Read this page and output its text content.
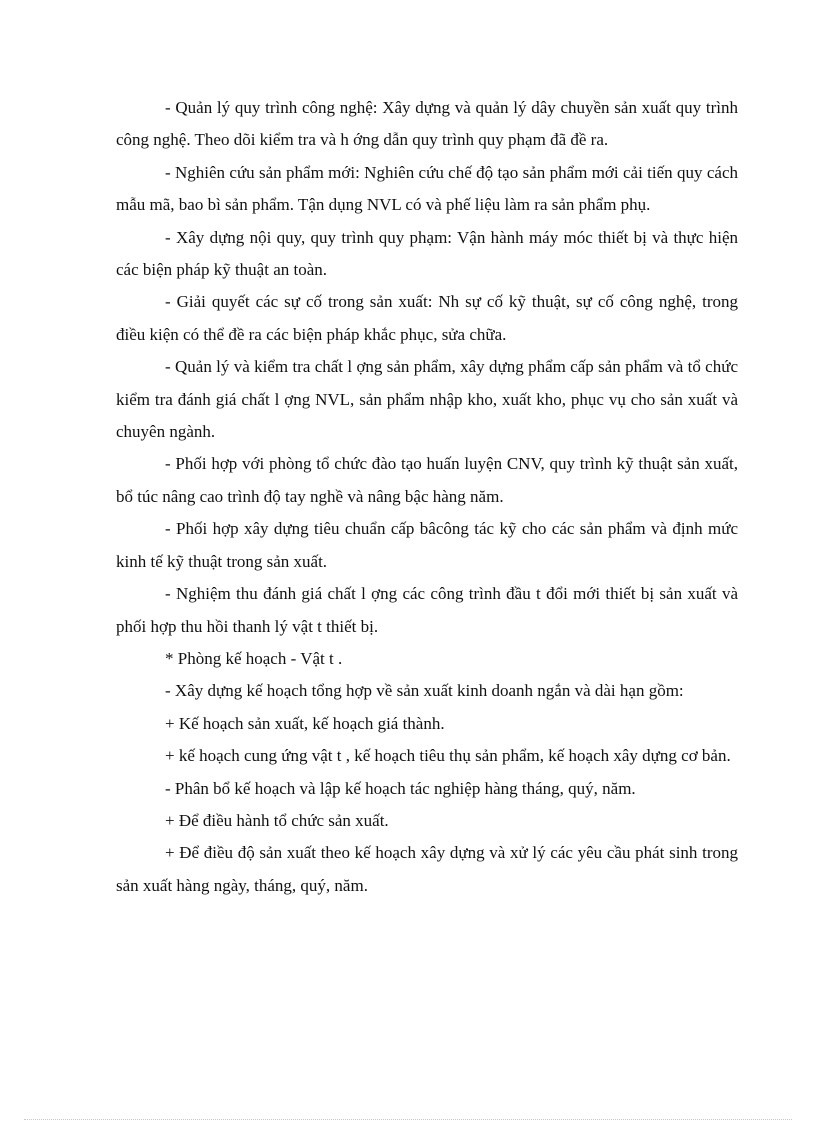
- Quản lý quy trình công nghệ: Xây dựng và quản lý dây chuyền sản xuất quy trình công nghệ. Theo dõi kiểm tra và h ớng dẫn quy trình quy phạm đã đề ra.

- Nghiên cứu sản phẩm mới: Nghiên cứu chế độ tạo sản phẩm mới cải tiến quy cách mẫu mã, bao bì sản phẩm. Tận dụng NVL có và phế liệu làm ra sản phẩm phụ.

- Xây dựng nội quy, quy trình quy phạm: Vận hành máy móc thiết bị và thực hiện các biện pháp kỹ thuật an toàn.

- Giải quyết các sự cố trong sản xuất: Nh sự cố kỹ thuật, sự cố công nghệ, trong điều kiện có thể đề ra các biện pháp khắc phục, sửa chữa.

- Quản lý và kiểm tra chất l ợng sản phẩm, xây dựng phẩm cấp sản phẩm và tổ chức kiểm tra đánh giá chất l ợng NVL, sản phẩm nhập kho, xuất kho, phục vụ cho sản xuất và chuyên ngành.

- Phối hợp với phòng tổ chức đào tạo huấn luyện CNV, quy trình kỹ thuật sản xuất, bổ túc nâng cao trình độ tay nghề và nâng bậc hàng năm.

- Phối hợp xây dựng tiêu chuẩn cấp bâcông tác kỹ cho các sản phẩm và định mức kinh tế kỹ thuật trong sản xuất.

- Nghiệm thu đánh giá chất l ợng các công trình đầu t đổi mới thiết bị sản xuất và phối hợp thu hồi thanh lý vật t thiết bị.

* Phòng kế hoạch - Vật t .

- Xây dựng kế hoạch tổng hợp về sản xuất kinh doanh ngắn và dài hạn gồm:

+ Kế hoạch sản xuất, kế hoạch giá thành.

+ kế hoạch cung ứng vật t , kế hoạch tiêu thụ sản phẩm, kế hoạch xây dựng cơ bản.

- Phân bổ kế hoạch và lập kế hoạch tác nghiệp hàng tháng, quý, năm.

+ Để điều hành tổ chức sản xuất.

+ Để điều độ sản xuất theo kế hoạch xây dựng và xử lý các yêu cầu phát sinh trong sản xuất hàng ngày, tháng, quý, năm.
